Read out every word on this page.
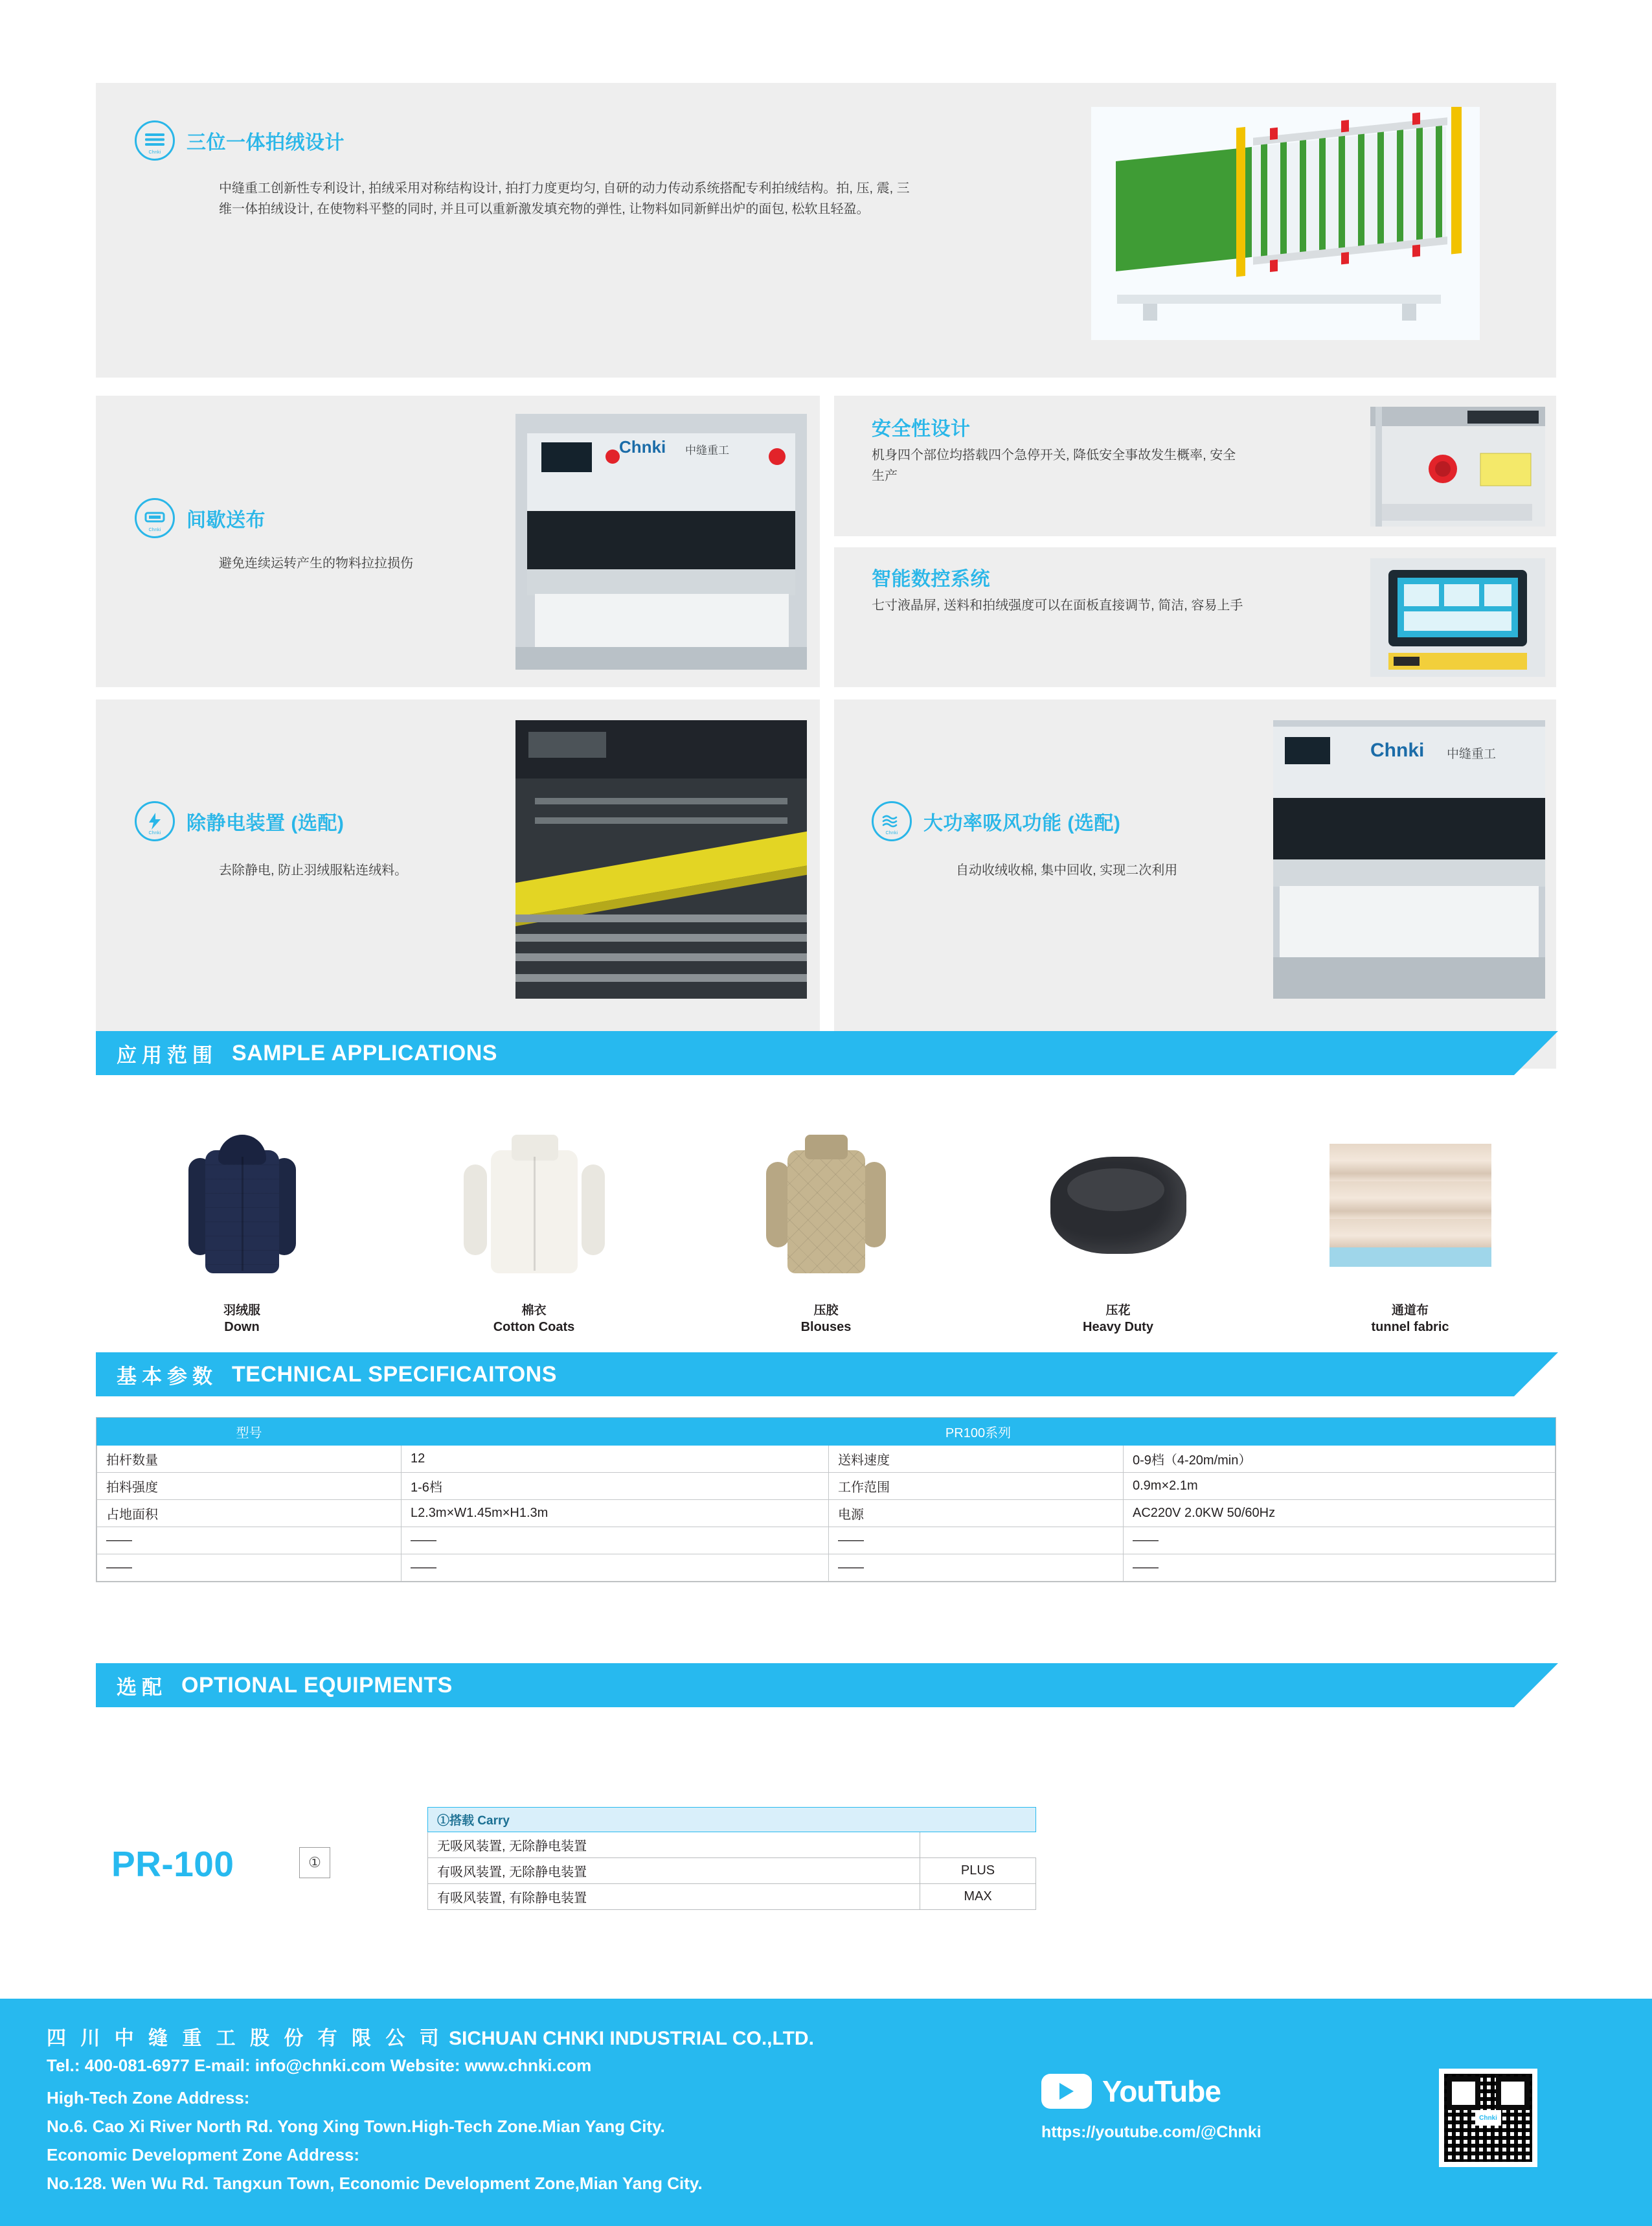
Chnki 三位一体拍绒设计
中缝重工创新性专利设计, 拍绒采用对称结构设计, 拍打力度更均匀, 自研的动力传动系统搭配专利拍绒结构。拍, 压, 震, 三维一体拍绒设计, 在使物料平整的同时, 并且可以重新激发填充物的弹性, 让物料如同新鲜出炉的面包, 松软且轻盈。
Chnki 间歇送布
避免连续运转产生的物料拉拉损伤
Chnki 中缝重工
安全性设计
机身四个部位均搭载四个急停开关, 降低安全事故发生概率, 安全生产
智能数控系统
七寸液晶屏, 送料和拍绒强度可以在面板直接调节, 简洁, 容易上手
Chnki 除静电装置 (选配)
去除静电, 防止羽绒服粘连绒料。
Chnki 大功率吸风功能 (选配)
自动收绒收棉, 集中回收, 实现二次利用
Chnki 中缝重工
应用范围 SAMPLE APPLICATIONS
羽绒服
Down
棉衣
Cotton Coats
压胶
Blouses
压花
Heavy Duty
通道布
tunnel fabric
基本参数 TECHNICAL SPECIFICAITONS
型号	PR100系列		
拍杆数量	12	送料速度	0-9档（4-20m/min）
拍料强度	1-6档	工作范围	0.9m×2.1m
占地面积	L2.3m×W1.45m×H1.3m	电源	AC220V 2.0KW 50/60Hz
——	——	——	——
——	——	——	——
选配 OPTIONAL EQUIPMENTS
PR-100	①
①搭载 Carry	
无吸风装置, 无除静电装置	
有吸风装置, 无除静电装置	PLUS
有吸风装置, 有除静电装置	MAX
四 川 中 缝 重 工 股 份 有 限 公 司 SICHUAN CHNKI INDUSTRIAL CO.,LTD.
Tel.: 400-081-6977 E-mail: info@chnki.com Website: www.chnki.com
High-Tech Zone Address:
No.6. Cao Xi River North Rd. Yong Xing Town.High-Tech Zone.Mian Yang City.
Economic Development Zone Address:
No.128. Wen Wu Rd. Tangxun Town, Economic Development Zone,Mian Yang City.
YouTube
https://youtube.com/@Chnki
Chnki
